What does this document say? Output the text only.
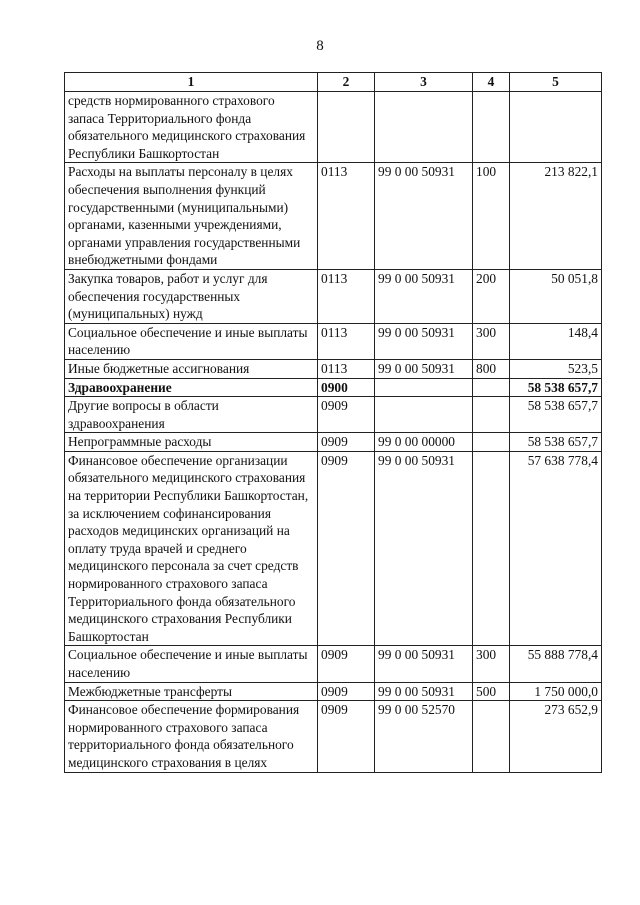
8
1	2	3	4	5
средств нормированного страхового запаса Территориального фонда обязательного медицинского страхования Республики Башкортостан				
Расходы на выплаты персоналу в целях обеспечения выполнения функций государственными (муниципальными) органами, казенными учреждениями, органами управления государственными внебюджетными фондами	0113	99 0 00 50931	100	213 822,1
Закупка товаров, работ и услуг для обеспечения государственных (муниципальных) нужд	0113	99 0 00 50931	200	50 051,8
Социальное обеспечение и иные выплаты населению	0113	99 0 00 50931	300	148,4
Иные бюджетные ассигнования	0113	99 0 00 50931	800	523,5
Здравоохранение	0900			58 538 657,7
Другие вопросы в области здравоохранения	0909			58 538 657,7
Непрограммные расходы	0909	99 0 00 00000		58 538 657,7
Финансовое обеспечение организации обязательного медицинского страхования на территории Республики Башкортостан, за исключением софинансирования расходов медицинских организаций на оплату труда врачей и среднего медицинского персонала за счет средств нормированного страхового запаса Территориального фонда обязательного медицинского страхования Республики Башкортостан	0909	99 0 00 50931		57 638 778,4
Социальное обеспечение и иные выплаты населению	0909	99 0 00 50931	300	55 888 778,4
Межбюджетные трансферты	0909	99 0 00 50931	500	1 750 000,0
Финансовое обеспечение формирования нормированного страхового запаса территориального фонда обязательного медицинского страхования в целях	0909	99 0 00 52570		273 652,9
